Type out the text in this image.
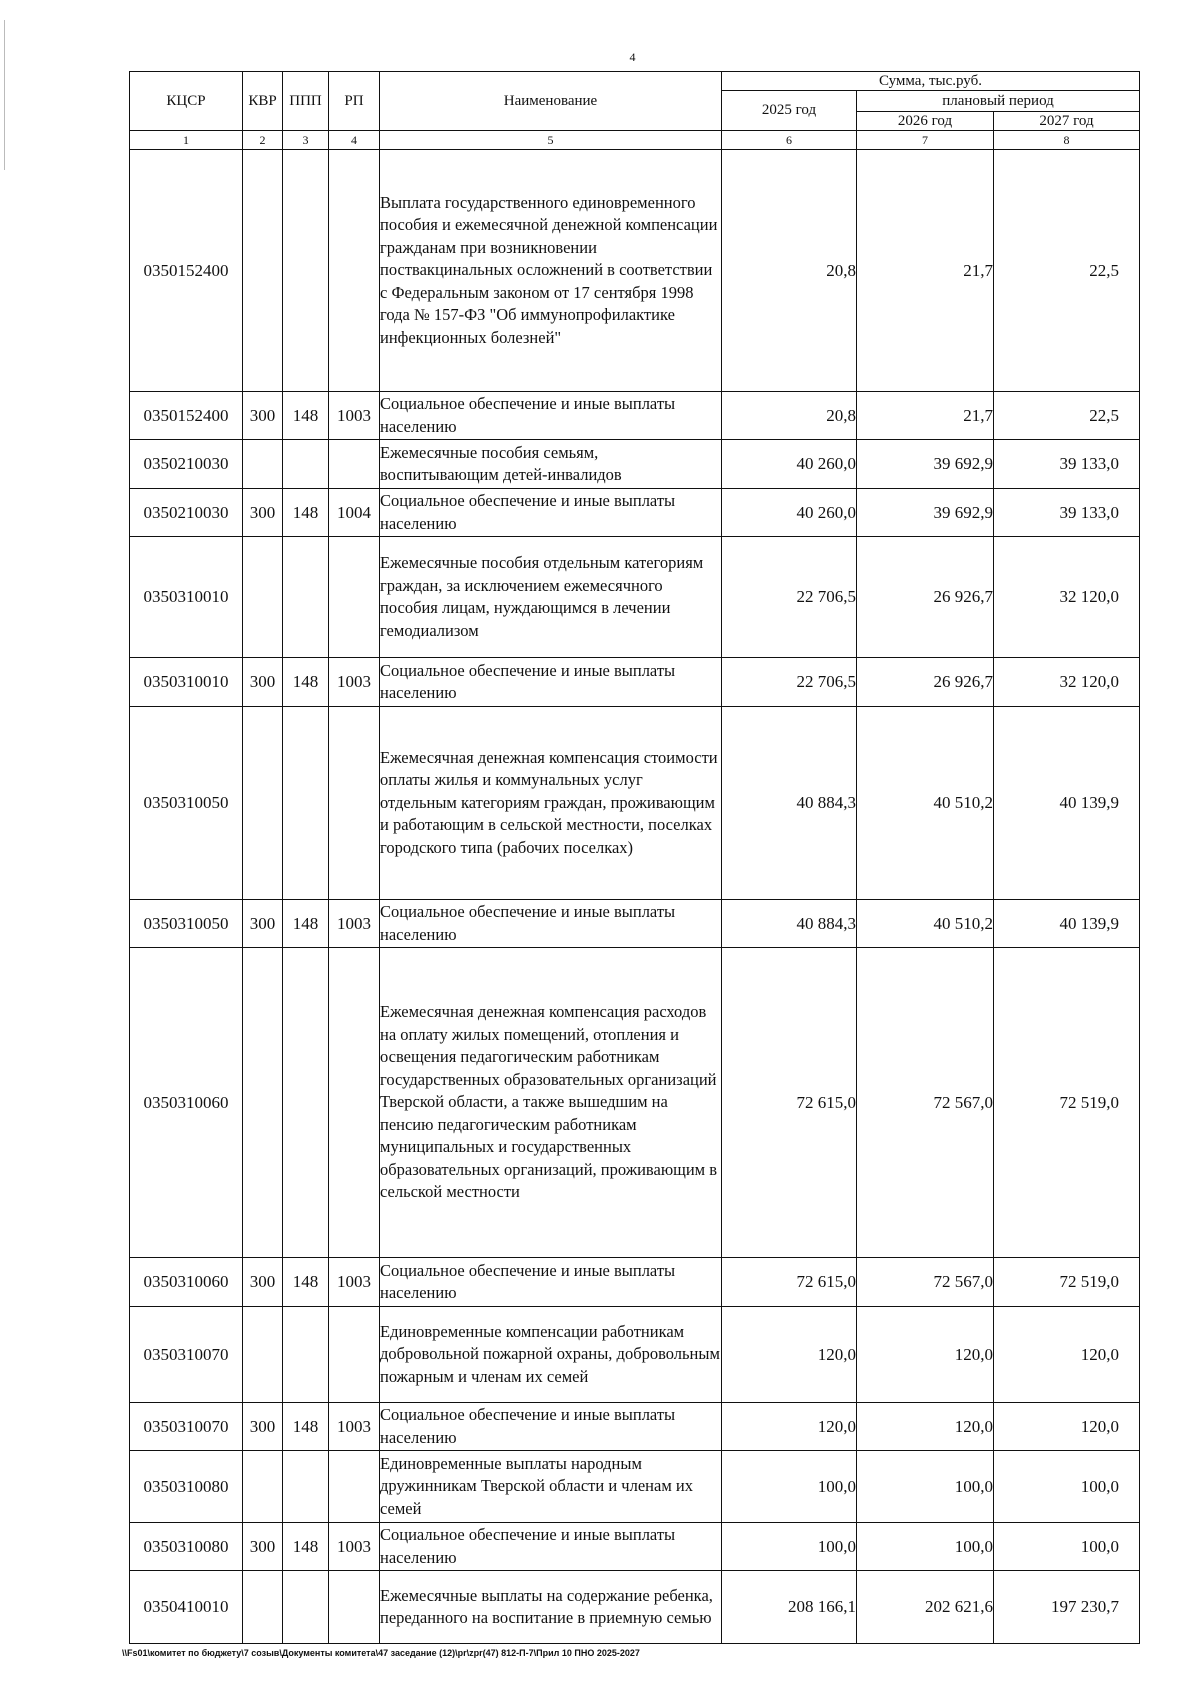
4
КЦСР	КВР	ППП	РП	Наименование	Сумма, тыс.руб.		
					2025 год	плановый период	
						2026 год	2027 год
1	2	3	4	5	6	7	8
0350152400				Выплата государственного единовременного пособия и ежемесячной денежной компенсации гражданам при возникновении поствакцинальных осложнений в соответствии с Федеральным законом от 17 сентября 1998 года № 157-ФЗ "Об иммунопрофилактике инфекционных болезней"	20,8	21,7	22,5
0350152400	300	148	1003	Социальное обеспечение и иные выплаты населению	20,8	21,7	22,5
0350210030				Ежемесячные пособия семьям, воспитывающим детей-инвалидов	40 260,0	39 692,9	39 133,0
0350210030	300	148	1004	Социальное обеспечение и иные выплаты населению	40 260,0	39 692,9	39 133,0
0350310010				Ежемесячные пособия отдельным категориям граждан, за исключением ежемесячного пособия лицам, нуждающимся в лечении гемодиализом	22 706,5	26 926,7	32 120,0
0350310010	300	148	1003	Социальное обеспечение и иные выплаты населению	22 706,5	26 926,7	32 120,0
0350310050				Ежемесячная денежная компенсация стоимости оплаты жилья и коммунальных услуг отдельным категориям граждан, проживающим и работающим в сельской местности, поселках городского типа (рабочих поселках)	40 884,3	40 510,2	40 139,9
0350310050	300	148	1003	Социальное обеспечение и иные выплаты населению	40 884,3	40 510,2	40 139,9
0350310060				Ежемесячная денежная компенсация расходов на оплату жилых помещений, отопления и освещения педагогическим работникам государственных образовательных организаций Тверской области, а также вышедшим на пенсию педагогическим работникам муниципальных и государственных образовательных организаций, проживающим в сельской местности	72 615,0	72 567,0	72 519,0
0350310060	300	148	1003	Социальное обеспечение и иные выплаты населению	72 615,0	72 567,0	72 519,0
0350310070				Единовременные компенсации работникам добровольной пожарной охраны, добровольным пожарным и членам их семей	120,0	120,0	120,0
0350310070	300	148	1003	Социальное обеспечение и иные выплаты населению	120,0	120,0	120,0
0350310080				Единовременные выплаты народным дружинникам Тверской области и членам их семей	100,0	100,0	100,0
0350310080	300	148	1003	Социальное обеспечение и иные выплаты населению	100,0	100,0	100,0
0350410010				Ежемесячные выплаты на содержание ребенка, переданного на воспитание в приемную семью	208 166,1	202 621,6	197 230,7
\\Fs01\комитет по бюджету\7 созыв\Документы комитета\47 заседание (12)\pr\zpr(47) 812-П-7\Прил 10 ПНО 2025-2027
